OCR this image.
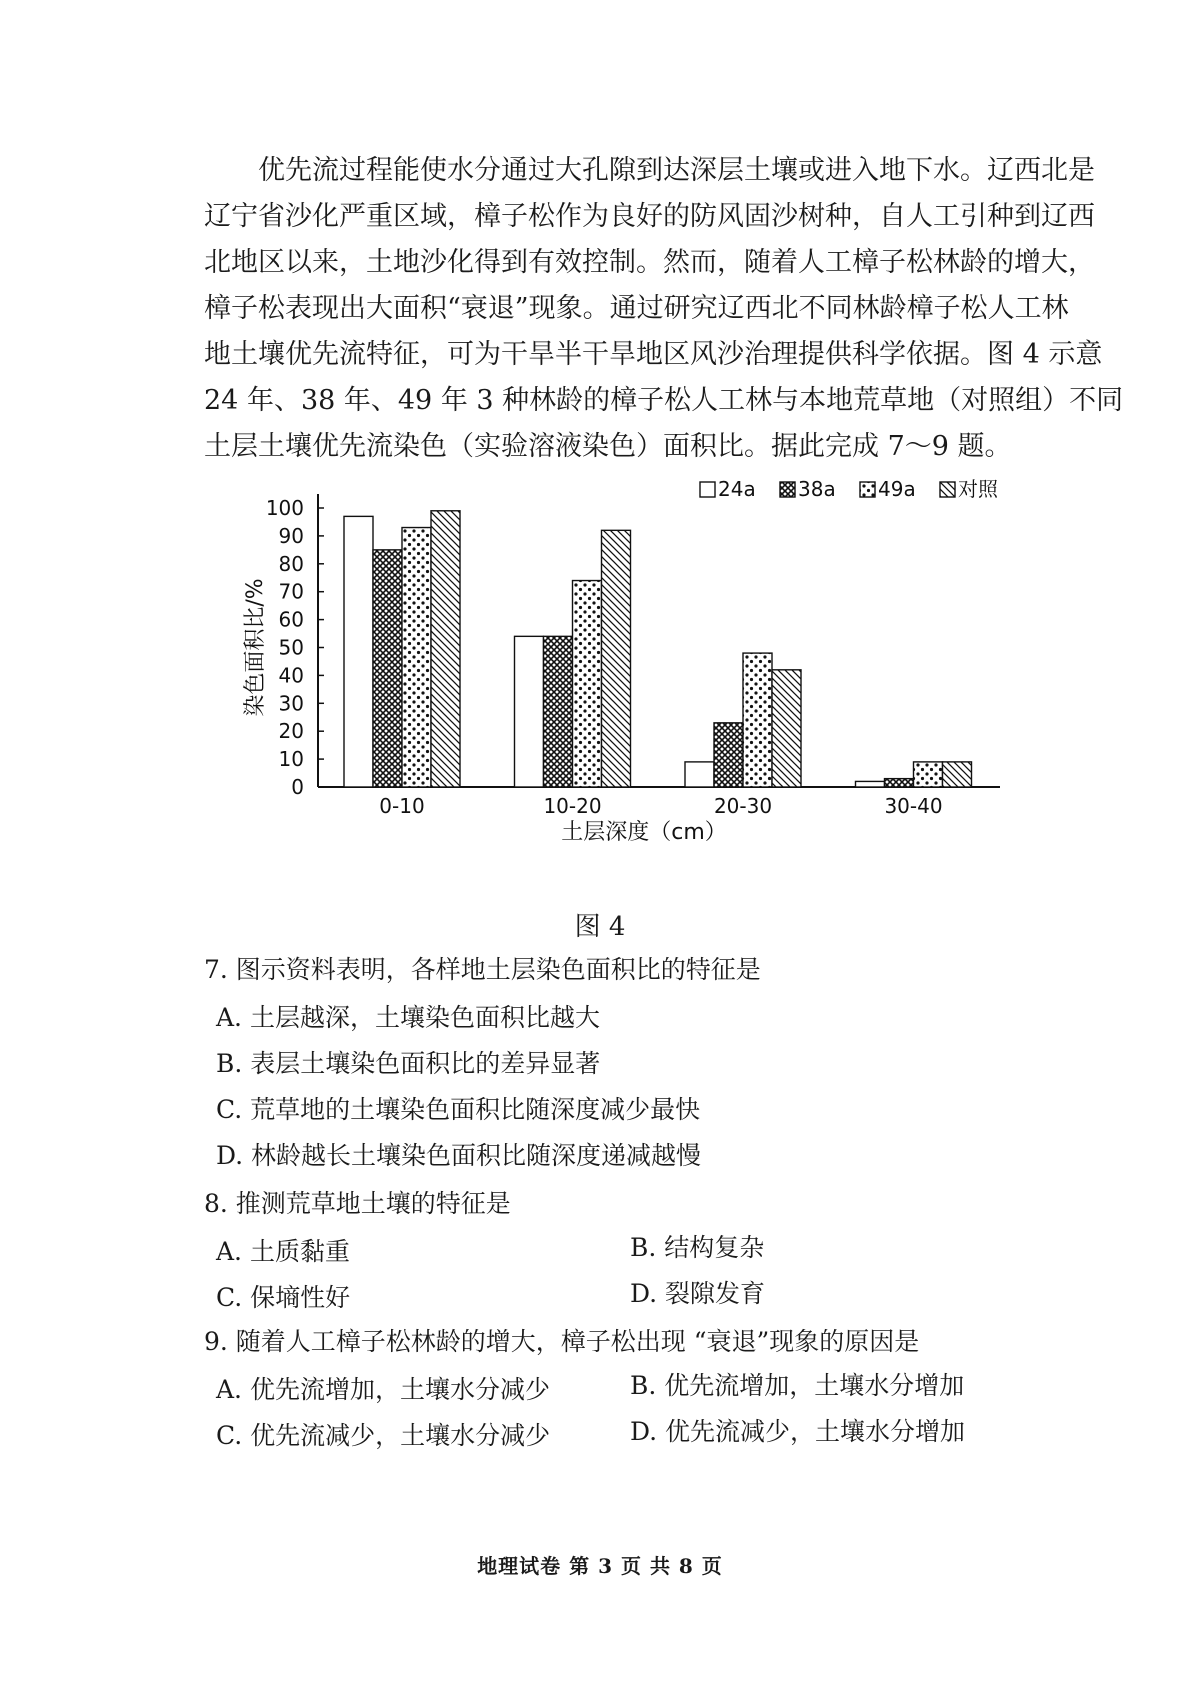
优先流过程能使水分通过大孔隙到达深层土壤或进入地下水。辽西北是

辽宁省沙化严重区域，樟子松作为良好的防风固沙树种，自人工引种到辽西

北地区以来，土地沙化得到有效控制。然而，随着人工樟子松林龄的增大，

樟子松表现出大面积“衰退”现象。通过研究辽西北不同林龄樟子松人工林

地土壤优先流特征，可为干旱半干旱地区风沙治理提供科学依据。图 4 示意

24 年、38 年、49 年 3 种林龄的樟子松人工林与本地荒草地（对照组）不同

土层土壤优先流染色（实验溶液染色）面积比。据此完成 7～9 题。

0
10
20
30
40
50
60
70
80
90
100
染色面积比/%
0-10	10-20	20-30	30-40
土层深度（cm）
24a 38a 49a 对照
图 4
7. 图示资料表明，各样地土层染色面积比的特征是
A. 土层越深，土壤染色面积比越大
B. 表层土壤染色面积比的差异显著
C. 荒草地的土壤染色面积比随深度减少最快
D. 林龄越长土壤染色面积比随深度递减越慢
8. 推测荒草地土壤的特征是
A. 土质黏重	B. 结构复杂
C. 保墒性好	D. 裂隙发育
9. 随着人工樟子松林龄的增大，樟子松出现 “衰退”现象的原因是
A. 优先流增加，土壤水分减少	B. 优先流增加，土壤水分增加
C. 优先流减少，土壤水分减少	D. 优先流减少，土壤水分增加
地理试卷 第 3 页 共 8 页
